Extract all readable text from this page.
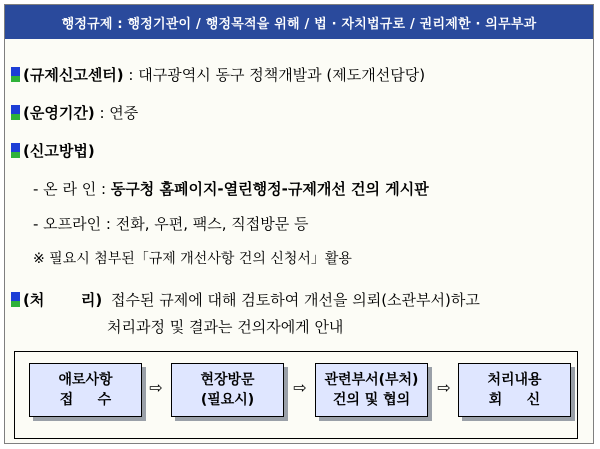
행정규제 : 행정기관이 / 행정목적을 위해 / 법 · 자치법규로 / 권리제한 · 의무부과
(규제신고센터) : 대구광역시 동구 정책개발과 (제도개선담당)
(운영기간) : 연중
(신고방법)
- 온 라 인 : 동구청 홈페이지-열린행정-규제개선 건의 게시판
- 오프라인 : 전화, 우편, 팩스, 직접방문 등
※ 필요시 첨부된「규제 개선사항 건의 신청서」활용
(처       리) 접수된 규제에 대해 검토하여 개선을 의뢰(소관부서)하고
처리과정 및 결과는 건의자에게 안내
애로사항
접     수
⇨	현장방문
(필요시)
⇨ 관련부서(부처)
건의 및 협의
⇨	처리내용
회     신
